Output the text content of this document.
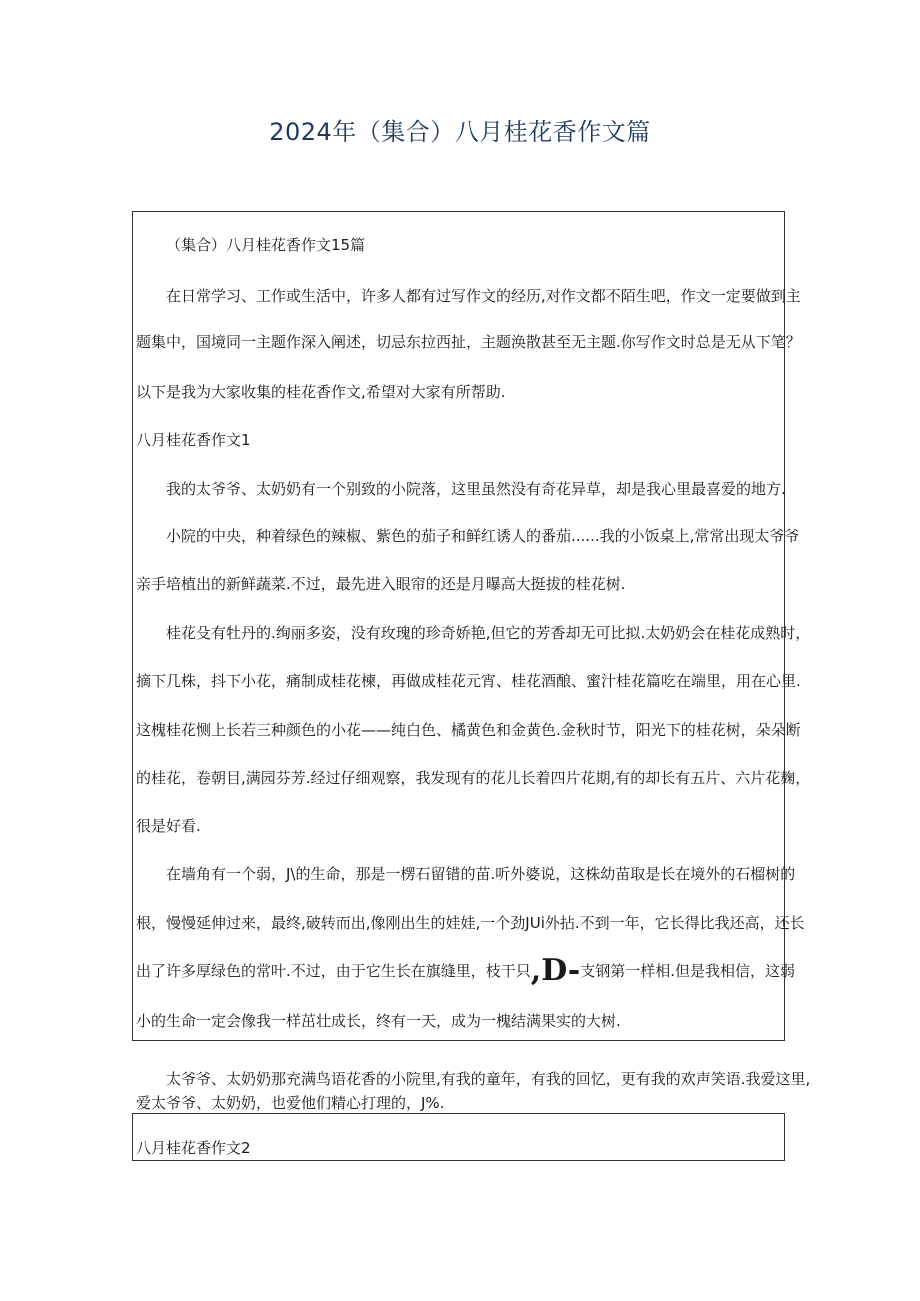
2024年（集合）八月桂花香作文篇
（集合）八月桂花香作文15篇
在日常学习、工作或生活中，许多人都有过写作文的经历,对作文都不陌生吧，作文一定要做到主
题集中，国境同一主题作深入阐述，切忌东拉西扯，主题涣散甚至无主题.你写作文时总是无从下笔？
以下是我为大家收集的桂花香作文,希望对大家有所帮助.
八月桂花香作文1
我的太爷爷、太奶奶有一个别致的小院落，这里虽然没有奇花异草，却是我心里最喜爱的地方.
小院的中央，种着绿色的辣椒、紫色的茄子和鲜红诱人的番茄......我的小饭桌上,常常出现太爷爷
亲手培植出的新鲜蔬菜.不过，最先进入眼帘的还是月曝高大挺拔的桂花树.
桂花殳有牡丹的.绚丽多姿，没有玫瑰的珍奇娇艳,但它的芳香却无可比拟.太奶奶会在桂花成熟时，
摘下几株，抖下小花，痛制成桂花楝，再做成桂花元宵、桂花酒酿、蜜汁桂花篇吃在端里，用在心里.
这槐桂花恻上长若三种颜色的小花——纯白色、橘黄色和金黄色.金秋时节，阳光下的桂花树，朵朵断
的桂花，卷朝目,满园芬芳.经过仔细观察，我发现有的花儿长着四片花期,有的却长有五片、六片花麹，
很是好看.
在墙角有一个弱，J\的生命，那是一楞石留错的苗.听外婆说，这株幼苗取是长在境外的石榴树的
根，慢慢延伸过来，最终,破转而出,像刚出生的娃娃,一个劲JUi外拈.不到一年，它长得比我还高，还长
出了许多厚绿色的常叶.不过，由于它生长在旗缝里，枝干只,D-支钢第一样相.但是我相信，这弱
小的生命一定会像我一样茁壮成长，终有一天，成为一槐结满果实的大树.
太爷爷、太奶奶那充满鸟语花香的小院里,有我的童年，有我的回忆，更有我的欢声笑语.我爱这里,
爱太爷爷、太奶奶，也爱他们精心打理的，J%.
八月桂花香作文2
